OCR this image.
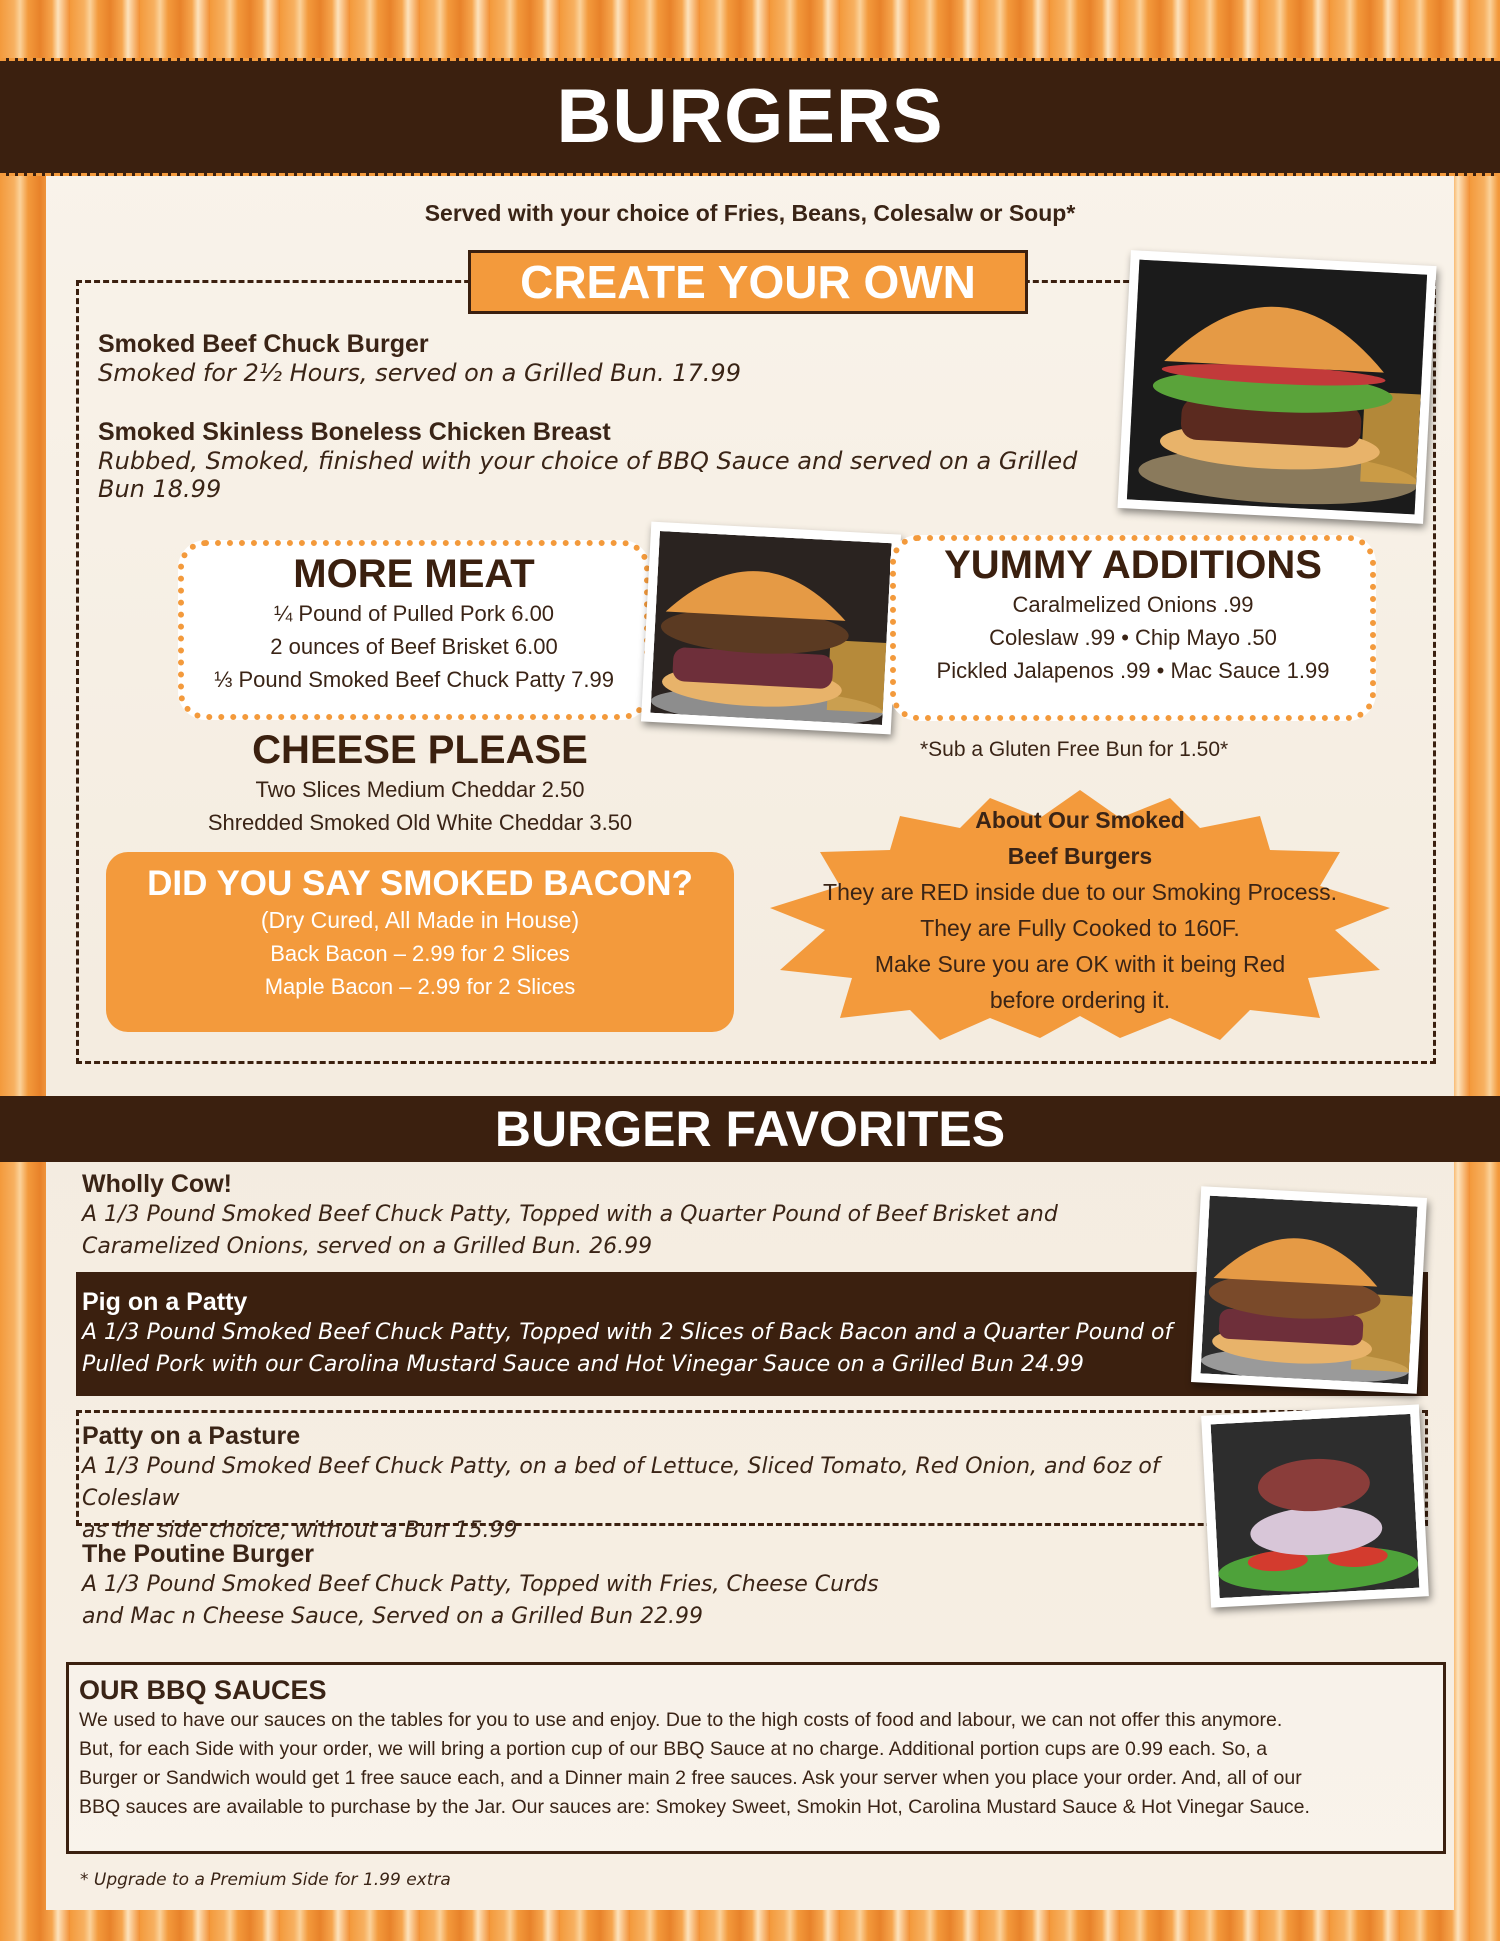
BURGERS
Served with your choice of Fries, Beans, Colesalw or Soup*
CREATE YOUR OWN
Smoked Beef Chuck Burger
Smoked for 2½ Hours, served on a Grilled Bun. 17.99
Smoked Skinless Boneless Chicken Breast
Rubbed, Smoked, finished with your choice of BBQ Sauce and served on a Grilled Bun 18.99
MORE MEAT
¼ Pound of Pulled Pork 6.00
2 ounces of Beef Brisket 6.00
⅓ Pound Smoked Beef Chuck Patty 7.99
YUMMY ADDITIONS
Caralmelized Onions .99
Coleslaw .99 • Chip Mayo .50
Pickled Jalapenos .99 • Mac Sauce 1.99
*Sub a Gluten Free Bun for 1.50*
CHEESE PLEASE
Two Slices Medium Cheddar 2.50
Shredded Smoked Old White Cheddar 3.50
DID YOU SAY SMOKED BACON?
(Dry Cured, All Made in House)
Back Bacon – 2.99 for 2 Slices
Maple Bacon – 2.99 for 2 Slices
About Our Smoked
Beef Burgers
They are RED inside due to our Smoking Process.
They are Fully Cooked to 160F.
Make Sure you are OK with it being Red
before ordering it.
BURGER FAVORITES
Wholly Cow!
A 1/3 Pound Smoked Beef Chuck Patty, Topped with a Quarter Pound of Beef Brisket and
Caramelized Onions, served on a Grilled Bun. 26.99
Pig on a Patty
A 1/3 Pound Smoked Beef Chuck Patty, Topped with 2 Slices of Back Bacon and a Quarter Pound of
Pulled Pork with our Carolina Mustard Sauce and Hot Vinegar Sauce on a Grilled Bun 24.99
Patty on a Pasture
A 1/3 Pound Smoked Beef Chuck Patty, on a bed of Lettuce, Sliced Tomato, Red Onion, and 6oz of Coleslaw
as the side choice, without a Bun 15.99
The Poutine Burger
A 1/3 Pound Smoked Beef Chuck Patty, Topped with Fries, Cheese Curds
and Mac n Cheese Sauce, Served on a Grilled Bun 22.99
OUR BBQ SAUCES
We used to have our sauces on the tables for you to use and enjoy. Due to the high costs of food and labour, we can not offer this anymore.
But, for each Side with your order, we will bring a portion cup of our BBQ Sauce at no charge. Additional portion cups are 0.99 each. So, a
Burger or Sandwich would get 1 free sauce each, and a Dinner main 2 free sauces. Ask your server when you place your order. And, all of our
BBQ sauces are available to purchase by the Jar. Our sauces are: Smokey Sweet, Smokin Hot, Carolina Mustard Sauce & Hot Vinegar Sauce.
* Upgrade to a Premium Side for 1.99 extra
